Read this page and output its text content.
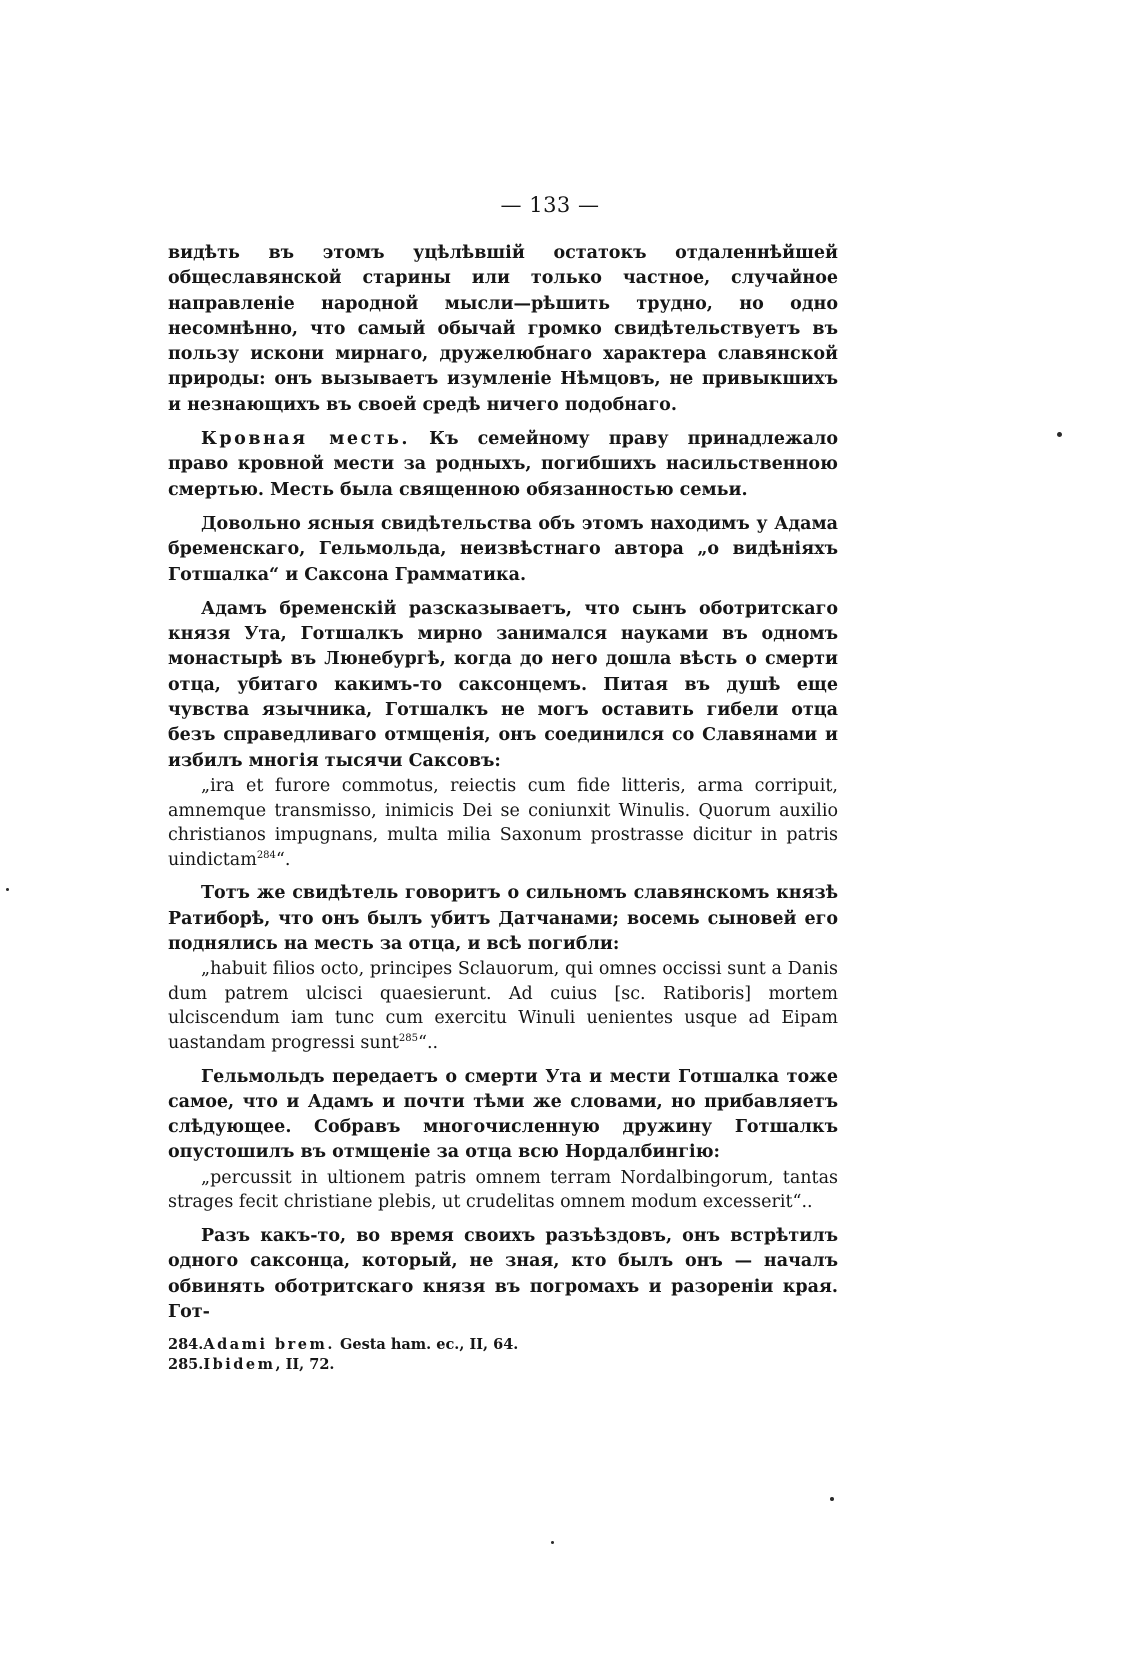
— 133 —

видѣть въ этомъ уцѣлѣвшій остатокъ отдаленнѣйшей общеславянской старины или только частное, случайное направленіе народной мысли—рѣшить трудно, но одно несомнѣнно, что самый обычай громко свидѣтельствуетъ въ пользу искони мирнаго, дружелюбнаго характера славянской природы: онъ вызываетъ изумленіе Нѣмцовъ, не привыкшихъ и незнающихъ въ своей средѣ ничего подобнаго.

Кровная месть. Къ семейному праву принадлежало право кровной мести за родныхъ, погибшихъ насильственною смертью. Месть была священною обязанностью семьи.

Довольно ясныя свидѣтельства объ этомъ находимъ у Адама бременскаго, Гельмольда, неизвѣстнаго автора „о видѣніяхъ Готшалка“ и Саксона Грамматика.

Адамъ бременскій разсказываетъ, что сынъ оботритскаго князя Ута, Готшалкъ мирно занимался науками въ одномъ монастырѣ въ Люнебургѣ, когда до него дошла вѣсть о смерти отца, убитаго какимъ-то саксонцемъ. Питая въ душѣ еще чувства язычника, Готшалкъ не могъ оставить гибели отца безъ справедливаго отмщенія, онъ соединился со Славянами и избилъ многія тысячи Саксовъ:

„ira et furore commotus, reiectis cum fide litteris, arma corripuit, amnemque transmisso, inimicis Dei se coniunxit Winulis. Quorum auxilio christianos impugnans, multa milia Saxonum prostrasse dicitur in patris uindictam$^{284}$“.

Тотъ же свидѣтель говоритъ о сильномъ славянскомъ князѣ Ратиборѣ, что онъ былъ убитъ Датчанами; восемь сыновей его поднялись на месть за отца, и всѣ погибли:

„habuit filios octo, principes Sclauorum, qui omnes occissi sunt a Danis dum patrem ulcisci quaesierunt. Ad cuius [sc. Ratiboris] mortem ulciscendum iam tunc cum exercitu Winuli uenientes usque ad Eipam uastandam progressi sunt$^{285}$“..

Гельмольдъ передаетъ о смерти Ута и мести Готшалка тоже самое, что и Адамъ и почти тѣми же словами, но прибавляетъ слѣдующее. Собравъ многочисленную дружину Готшалкъ опустошилъ въ отмщеніе за отца всю Нордалбингію:

„percussit in ultionem patris omnem terram Nordalbingorum, tantas strages fecit christiane plebis, ut crudelitas omnem modum excesserit“..

Разъ какъ-то, во время своихъ разъѣздовъ, онъ встрѣтилъ одного саксонца, который, не зная, кто былъ онъ — началъ обвинять оботритскаго князя въ погромахъ и разореніи края. Гот-

284.Adami brem. Gesta ham. ec., II, 64.
285.Ibidem, II, 72.
